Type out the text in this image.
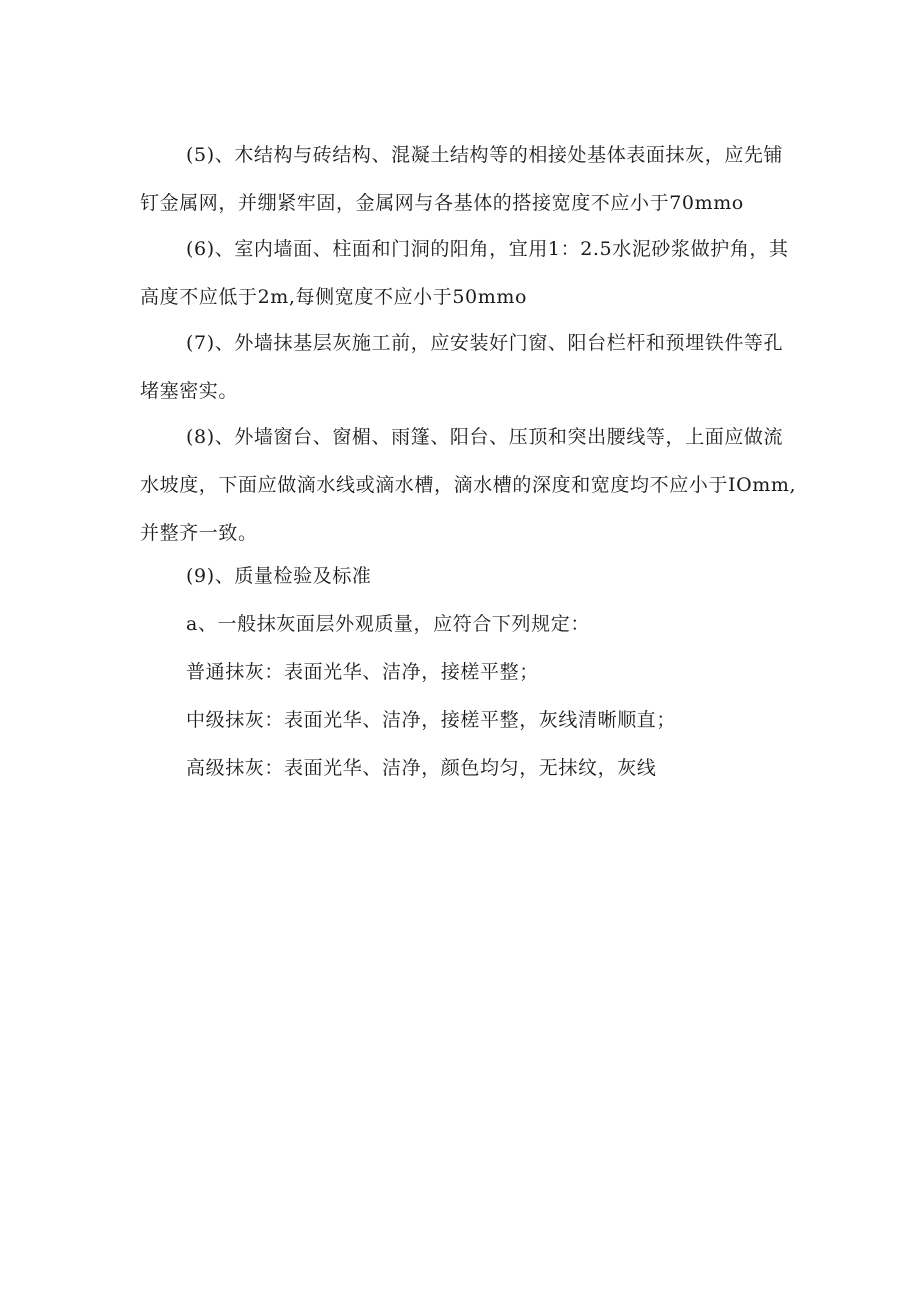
(5)、木结构与砖结构、混凝土结构等的相接处基体表面抹灰，应先铺
钉金属网，并绷紧牢固，金属网与各基体的搭接宽度不应小于70mmo
(6)、室内墙面、柱面和门洞的阳角，宜用1：2.5水泥砂浆做护角，其
高度不应低于2m,每侧宽度不应小于50mmo
(7)、外墙抹基层灰施工前，应安装好门窗、阳台栏杆和预埋铁件等孔
堵塞密实。
(8)、外墙窗台、窗楣、雨篷、阳台、压顶和突出腰线等，上面应做流
水坡度，下面应做滴水线或滴水槽，滴水槽的深度和宽度均不应小于IOmm,
并整齐一致。
(9)、质量检验及标准
a、一般抹灰面层外观质量，应符合下列规定：
普通抹灰：表面光华、洁净，接槎平整；
中级抹灰：表面光华、洁净，接槎平整，灰线清晰顺直；
高级抹灰：表面光华、洁净，颜色均匀，无抹纹，灰线
